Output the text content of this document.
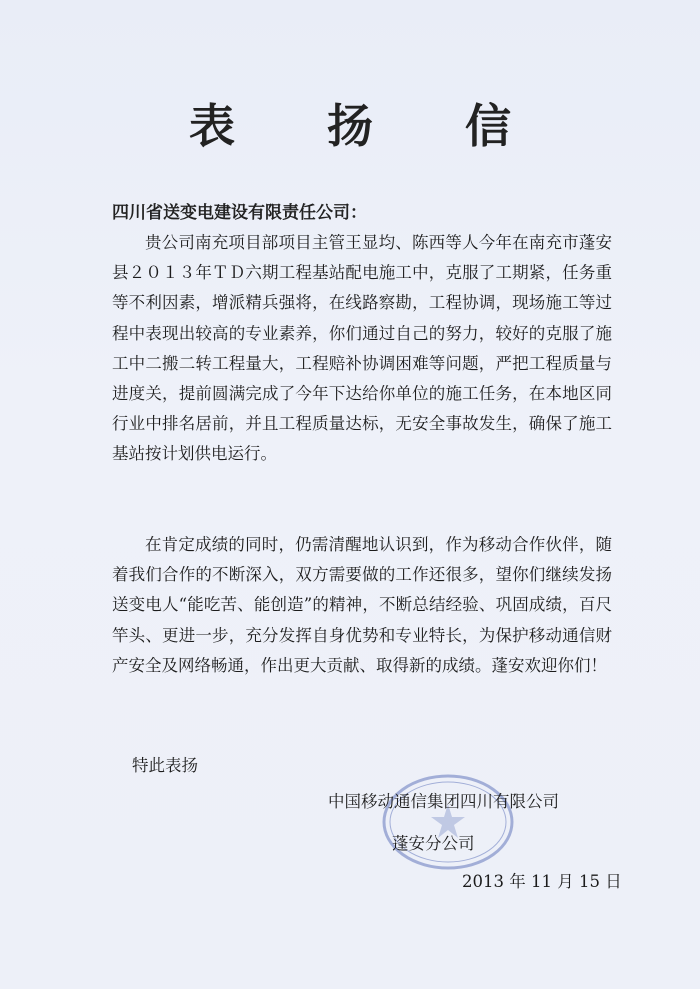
表 扬 信
四川省送变电建设有限责任公司：

贵公司南充项目部项目主管王显均、陈西等人今年在南充市蓬安县２０１３年ＴＤ六期工程基站配电施工中，克服了工期紧，任务重等不利因素，增派精兵强将，在线路察勘，工程协调，现场施工等过程中表现出较高的专业素养，你们通过自己的努力，较好的克服了施工中二搬二转工程量大，工程赔补协调困难等问题，严把工程质量与进度关，提前圆满完成了今年下达给你单位的施工任务，在本地区同行业中排名居前，并且工程质量达标，无安全事故发生，确保了施工基站按计划供电运行。

在肯定成绩的同时，仍需清醒地认识到，作为移动合作伙伴，随着我们合作的不断深入，双方需要做的工作还很多，望你们继续发扬送变电人“能吃苦、能创造”的精神，不断总结经验、巩固成绩，百尺竿头、更进一步，充分发挥自身优势和专业特长，为保护移动通信财产安全及网络畅通，作出更大贡献、取得新的成绩。蓬安欢迎你们！

特此表扬
中国移动通信集团四川有限公司
蓬安分公司
2013 年 11 月 15 日
